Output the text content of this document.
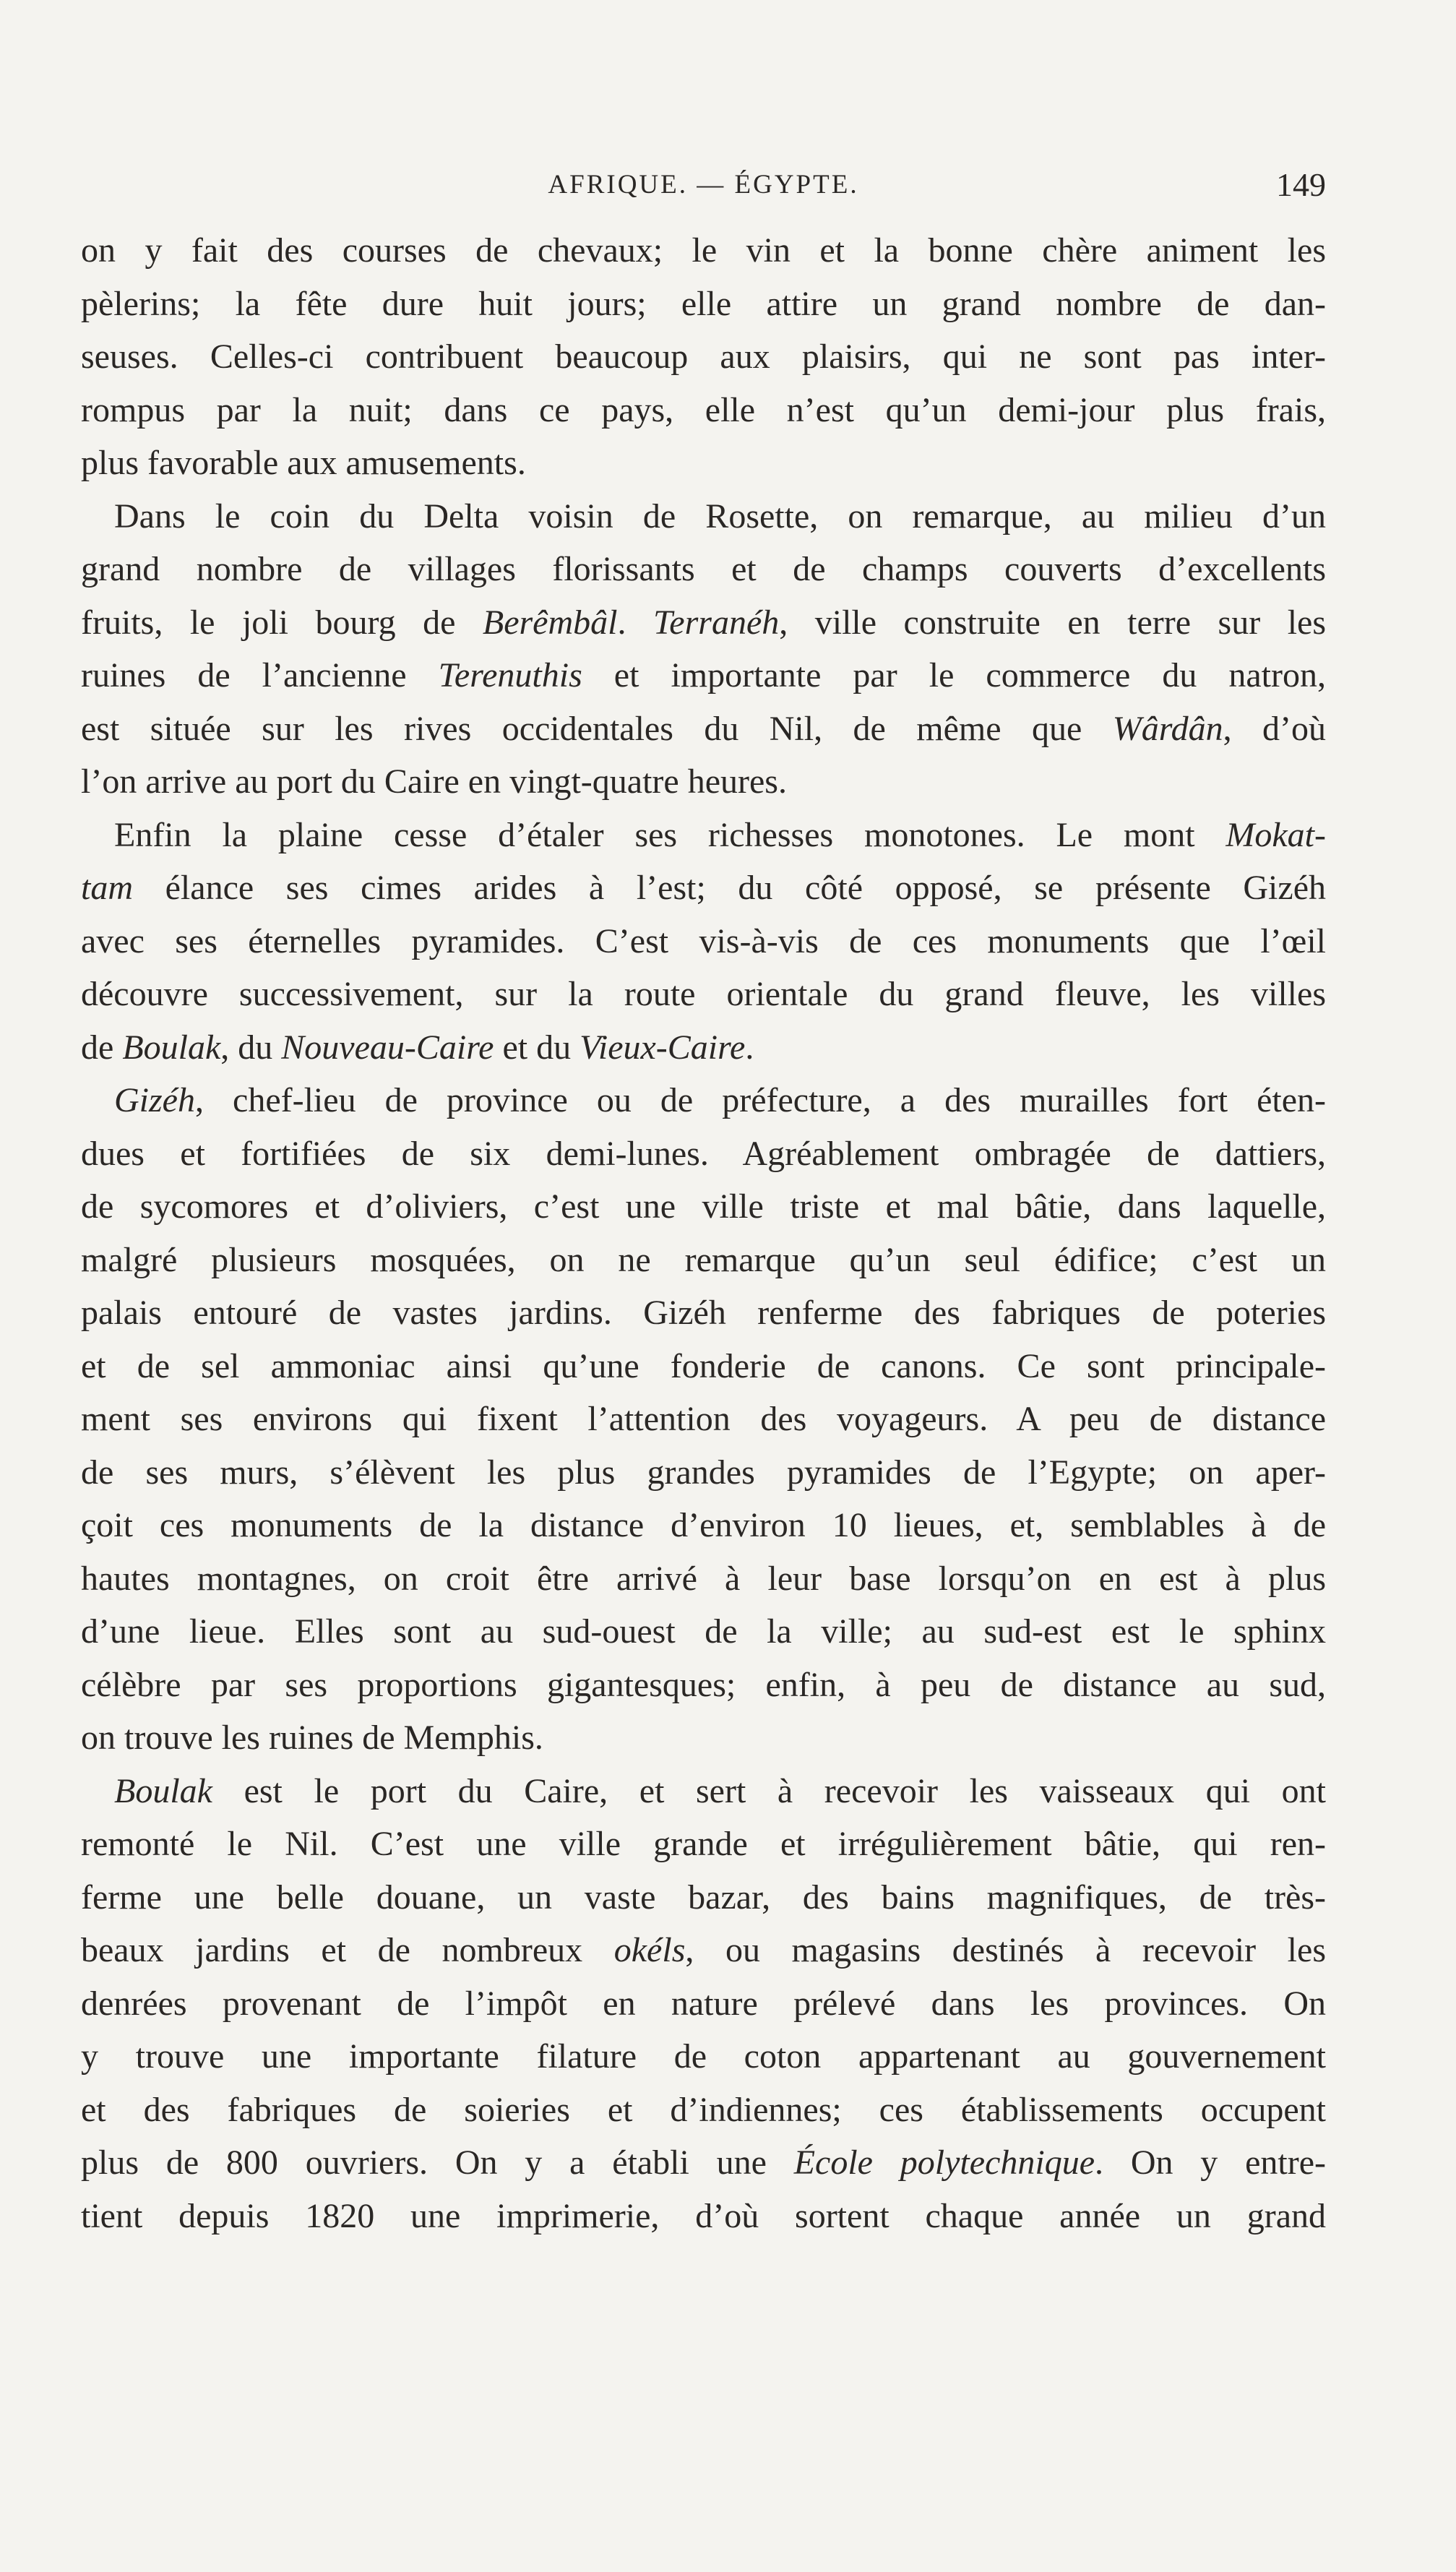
AFRIQUE. — ÉGYPTE.	149
on y fait des courses de chevaux; le vin et la bonne chère animent les
pèlerins; la fête dure huit jours; elle attire un grand nombre de dan-
seuses. Celles-ci contribuent beaucoup aux plaisirs, qui ne sont pas inter-
rompus par la nuit; dans ce pays, elle n’est qu’un demi-jour plus frais,
plus favorable aux amusements.
Dans le coin du Delta voisin de Rosette, on remarque, au milieu d’un
grand nombre de villages florissants et de champs couverts d’excellents
fruits, le joli bourg de Berêmbâl. Terranéh, ville construite en terre sur les
ruines de l’ancienne Terenuthis et importante par le commerce du natron,
est située sur les rives occidentales du Nil, de même que Wârdân, d’où
l’on arrive au port du Caire en vingt-quatre heures.
Enfin la plaine cesse d’étaler ses richesses monotones. Le mont Mokat-
tam élance ses cimes arides à l’est; du côté opposé, se présente Gizéh
avec ses éternelles pyramides. C’est vis-à-vis de ces monuments que l’œil
découvre successivement, sur la route orientale du grand fleuve, les villes
de Boulak, du Nouveau-Caire et du Vieux-Caire.
Gizéh, chef-lieu de province ou de préfecture, a des murailles fort éten-
dues et fortifiées de six demi-lunes. Agréablement ombragée de dattiers,
de sycomores et d’oliviers, c’est une ville triste et mal bâtie, dans laquelle,
malgré plusieurs mosquées, on ne remarque qu’un seul édifice; c’est un
palais entouré de vastes jardins. Gizéh renferme des fabriques de poteries
et de sel ammoniac ainsi qu’une fonderie de canons. Ce sont principale-
ment ses environs qui fixent l’attention des voyageurs. A peu de distance
de ses murs, s’élèvent les plus grandes pyramides de l’Egypte; on aper-
çoit ces monuments de la distance d’environ 10 lieues, et, semblables à de
hautes montagnes, on croit être arrivé à leur base lorsqu’on en est à plus
d’une lieue. Elles sont au sud-ouest de la ville; au sud-est est le sphinx
célèbre par ses proportions gigantesques; enfin, à peu de distance au sud,
on trouve les ruines de Memphis.
Boulak est le port du Caire, et sert à recevoir les vaisseaux qui ont
remonté le Nil. C’est une ville grande et irrégulièrement bâtie, qui ren-
ferme une belle douane, un vaste bazar, des bains magnifiques, de très-
beaux jardins et de nombreux okéls, ou magasins destinés à recevoir les
denrées provenant de l’impôt en nature prélevé dans les provinces. On
y trouve une importante filature de coton appartenant au gouvernement
et des fabriques de soieries et d’indiennes; ces établissements occupent
plus de 800 ouvriers. On y a établi une École polytechnique. On y entre-
tient depuis 1820 une imprimerie, d’où sortent chaque année un grand
